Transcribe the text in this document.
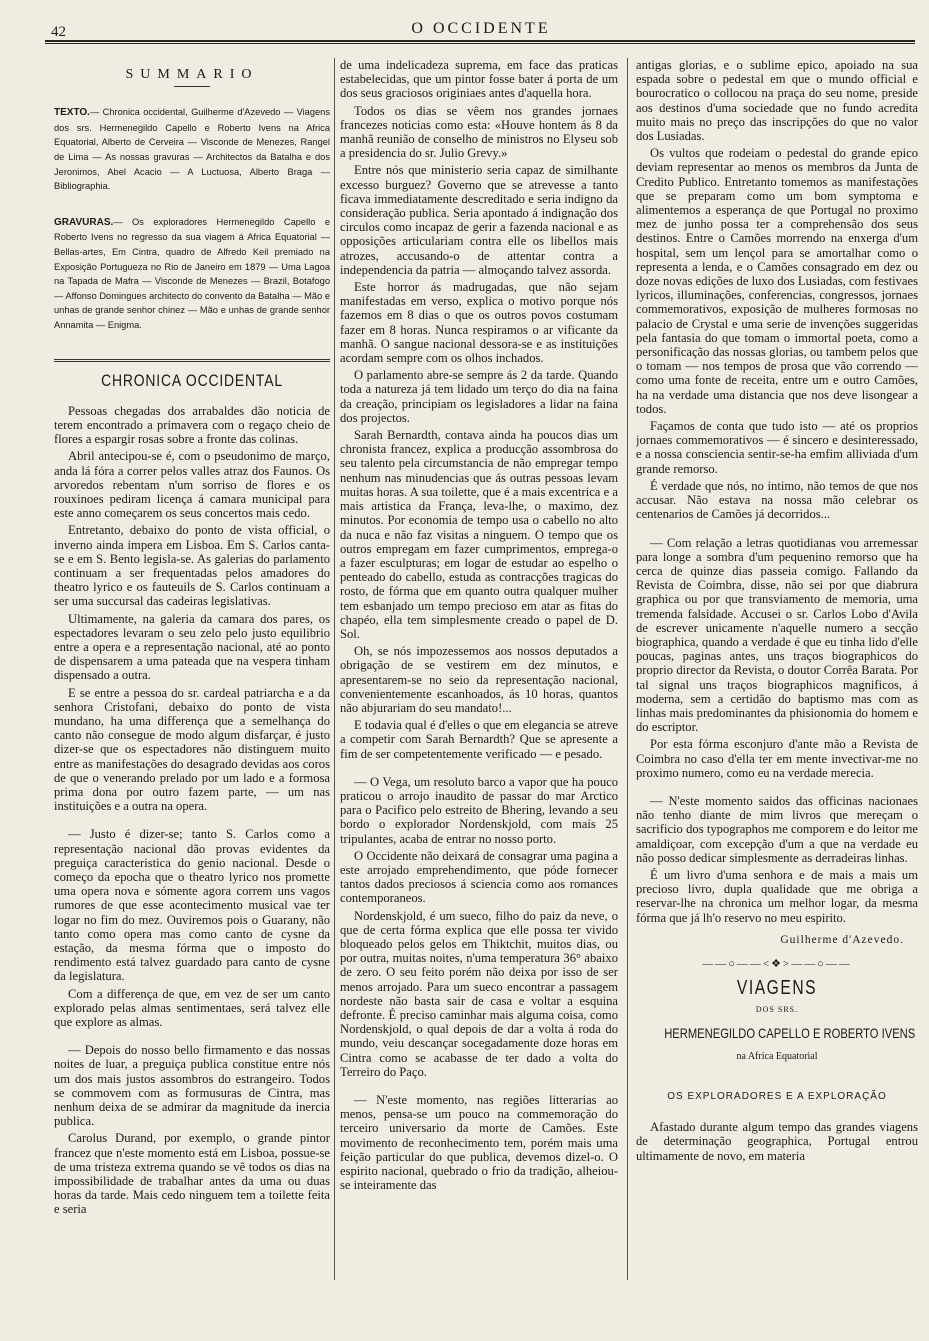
42	O OCCIDENTE

SUMMARIO

TEXTO.— Chronica occidental, Guilherme d'Azevedo — Viagens dos srs. Hermenegildo Capello e Roberto Ivens na Africa Equatorial, Alberto de Cerveira — Visconde de Menezes, Rangel de Lima — As nossas gravuras — Architectos da Batalha e dos Jeronimos, Abel Acacio — A Luctuosa, Alberto Braga — Bibliographia.

GRAVURAS.— Os exploradores Hermenegildo Capello e Roberto Ivens no regresso da sua viagem á Africa Equatorial — Bellas-artes, Em Cintra, quadro de Alfredo Keil premiado na Exposição Portugueza no Rio de Janeiro em 1879 — Uma Lagoa na Tapada de Mafra — Visconde de Menezes — Brazil, Botafogo — Affonso Domingues architecto do convento da Batalha — Mão e unhas de grande senhor chinez — Mão e unhas de grande senhor Annamita — Enigma.

CHRONICA OCCIDENTAL

Pessoas chegadas dos arrabaldes dão noticia de terem encontrado a primavera com o regaço cheio de flores a espargir rosas sobre a fronte das colinas.

Abril antecipou-se é, com o pseudonimo de março, anda lá fóra a correr pelos valles atraz dos Faunos. Os arvoredos rebentam n'um sorriso de flores e os rouxinoes pediram licença á camara municipal para este anno começarem os seus concertos mais cedo.

Entretanto, debaixo do ponto de vista official, o inverno ainda impera em Lisboa. Em S. Carlos canta-se e em S. Bento legisla-se. As galerias do parlamento continuam a ser frequentadas pelos amadores do theatro lyrico e os fauteuils de S. Carlos continuam a ser uma succursal das cadeiras legislativas.

Ultimamente, na galeria da camara dos pares, os espectadores levaram o seu zelo pelo justo equilibrio entre a opera e a representação nacional, até ao ponto de dispensarem a uma pateada que na vespera tinham dispensado a outra.

E se entre a pessoa do sr. cardeal patriarcha e a da senhora Cristofani, debaixo do ponto de vista mundano, ha uma differença que a semelhança do canto não consegue de modo algum disfarçar, é justo dizer-se que os espectadores não distinguem muito entre as manifestações do desagrado devidas aos coros de que o venerando prelado por um lado e a formosa prima dona por outro fazem parte, — um nas instituições e a outra na opera.

— Justo é dizer-se; tanto S. Carlos como a representação nacional dão provas evidentes da preguiça caracteristica do genio nacional. Desde o começo da epocha que o theatro lyrico nos promette uma opera nova e sómente agora correm uns vagos rumores de que esse acontecimento musical vae ter logar no fim do mez. Ouviremos pois o Guarany, não tanto como opera mas como canto de cysne da estação, da mesma fórma que o imposto do rendimento está talvez guardado para canto de cysne da legislatura.

Com a differença de que, em vez de ser um canto explorado pelas almas sentimentaes, será talvez elle que explore as almas.

— Depois do nosso bello firmamento e das nossas noites de luar, a preguiça publica constitue entre nós um dos mais justos assombros do estrangeiro. Todos se commovem com as formusuras de Cintra, mas nenhum deixa de se admirar da magnitude da inercia publica.

Carolus Durand, por exemplo, o grande pintor francez que n'este momento está em Lisboa, possue-se de uma tristeza extrema quando se vê todos os dias na impossibilidade de trabalhar antes da uma ou duas horas da tarde. Mais cedo ninguem tem a toilette feita e seria

de uma indelicadeza suprema, em face das praticas estabelecidas, que um pintor fosse bater á porta de um dos seus graciosos originiaes antes d'aquella hora.

Todos os dias se vêem nos grandes jornaes francezes noticias como esta: «Houve hontem ás 8 da manhã reunião de conselho de ministros no Elyseu sob a presidencia do sr. Julio Grevy.»

Entre nós que ministerio seria capaz de similhante excesso burguez? Governo que se atrevesse a tanto ficava immediatamente descreditado e seria indigno da consideração publica. Seria apontado á indignação dos circulos como incapaz de gerir a fazenda nacional e as opposições articulariam contra elle os libellos mais atrozes, accusando-o de attentar contra a independencia da patria — almoçando talvez assorda.

Este horror ás madrugadas, que não sejam manifestadas em verso, explica o motivo porque nós fazemos em 8 dias o que os outros povos costumam fazer em 8 horas. Nunca respiramos o ar vificante da manhã. O sangue nacional dessora-se e as instituições acordam sempre com os olhos inchados.

O parlamento abre-se sempre ás 2 da tarde. Quando toda a natureza já tem lidado um terço do dia na faina da creação, principiam os legisladores a lidar na faina dos projectos.

Sarah Bernardth, contava ainda ha poucos dias um chronista francez, explica a producção assombrosa do seu talento pela circumstancia de não empregar tempo nenhum nas minudencias que ás outras pessoas levam muitas horas. A sua toilette, que é a mais excentrica e a mais artistica da França, leva-lhe, o maximo, dez minutos. Por economia de tempo usa o cabello no alto da nuca e não faz visitas a ninguem. O tempo que os outros empregam em fazer cumprimentos, emprega-o a fazer esculpturas; em logar de estudar ao espelho o penteado do cabello, estuda as contracções tragicas do rosto, de fórma que em quanto outra qualquer mulher tem esbanjado um tempo precioso em atar as fitas do chapéo, ella tem simplesmente creado o papel de D. Sol.

Oh, se nós impozessemos aos nossos deputados a obrigação de se vestirem em dez minutos, e apresentarem-se no seio da representação nacional, convenientemente escanhoados, ás 10 horas, quantos não abjurariam do seu mandato!...

E todavia qual é d'elles o que em elegancia se atreve a competir com Sarah Bernardth? Que se apresente a fim de ser competentemente verificado — e pesado.

— O Vega, um resoluto barco a vapor que ha pouco praticou o arrojo inaudito de passar do mar Arctico para o Pacifico pelo estreito de Bhering, levando a seu bordo o explorador Nordenskjold, com mais 25 tripulantes, acaba de entrar no nosso porto.

O Occidente não deixará de consagrar uma pagina a este arrojado emprehendimento, que póde fornecer tantos dados preciosos á sciencia como aos romances contemporaneos.

Nordenskjold, é um sueco, filho do paiz da neve, o que de certa fórma explica que elle possa ter vivido bloqueado pelos gelos em Thiktchit, muitos dias, ou por outra, muitas noites, n'uma temperatura 36° abaixo de zero. O seu feito porém não deixa por isso de ser menos arrojado. Para um sueco encontrar a passagem nordeste não basta sair de casa e voltar a esquina defronte. É preciso caminhar mais alguma coisa, como Nordenskjold, o qual depois de dar a volta á roda do mundo, veiu descançar socegadamente doze horas em Cintra como se acabasse de ter dado a volta do Terreiro do Paço.

— N'este momento, nas regiões litterarias ao menos, pensa-se um pouco na commemoração do terceiro universario da morte de Camões. Este movimento de reconhecimento tem, porém mais uma feição particular do que publica, devemos dizel-o. O espirito nacional, quebrado o frio da tradição, alheiou-se inteiramente das

antigas glorias, e o sublime epico, apoiado na sua espada sobre o pedestal em que o mundo official e bourocratico o collocou na praça do seu nome, preside aos destinos d'uma sociedade que no fundo acredita muito mais no preço das inscripções do que no valor dos Lusiadas.

Os vultos que rodeiam o pedestal do grande epico deviam representar ao menos os membros da Junta de Credito Publico. Entretanto tomemos as manifestações que se preparam como um bom symptoma e alimentemos a esperança de que Portugal no proximo mez de junho possa ter a comprehensão dos seus destinos. Entre o Camões morrendo na enxerga d'um hospital, sem um lençol para se amortalhar como o representa a lenda, e o Camões consagrado em dez ou doze novas edições de luxo dos Lusiadas, com festivaes lyricos, illuminações, conferencias, congressos, jornaes commemorativos, exposição de mulheres formosas no palacio de Crystal e uma serie de invenções suggeridas pela fantasia do que tomam o immortal poeta, como a personificação das nossas glorias, ou tambem pelos que o tomam — nos tempos de prosa que vão correndo — como uma fonte de receita, entre um e outro Camões, ha na verdade uma distancia que nos deve lisongear a todos.

Façamos de conta que tudo isto — até os proprios jornaes commemorativos — é sincero e desinteressado, e a nossa consciencia sentir-se-ha emfim alliviada d'um grande remorso.

É verdade que nós, no intimo, não temos de que nos accusar. Não estava na nossa mão celebrar os centenarios de Camões já decorridos...

— Com relação a letras quotidianas vou arremessar para longe a sombra d'um pequenino remorso que ha cerca de quinze dias passeia comigo. Fallando da Revista de Coimbra, disse, não sei por que diabrura graphica ou por que transviamento de memoria, uma tremenda falsidade. Accusei o sr. Carlos Lobo d'Avila de escrever unicamente n'aquelle numero a secção biographica, quando a verdade é que eu tinha lido d'elle poucas, paginas antes, uns traços biographicos do proprio director da Revista, o doutor Corrêa Barata. Por tal signal uns traços biographicos magnificos, á moderna, sem a certidão do baptismo mas com as linhas mais predominantes da phisionomia do homem e do escriptor.

Por esta fórma esconjuro d'ante mão a Revista de Coimbra no caso d'ella ter em mente invectivar-me no proximo numero, como eu na verdade merecia.

— N'este momento saidos das officinas nacionaes não tenho diante de mim livros que mereçam o sacrificio dos typographos me comporem e do leitor me amaldiçoar, com excepção d'um a que na verdade eu não posso dedicar simplesmente as derradeiras linhas.

É um livro d'uma senhora e de mais a mais um precioso livro, dupla qualidade que me obriga a reservar-lhe na chronica um melhor logar, da mesma fórma que já lh'o reservo no meu espirito.

Guilherme d'Azevedo.

——○——<❖>——○——

VIAGENS

DOS SRS.

HERMENEGILDO CAPELLO E ROBERTO IVENS

na Africa Equatorial

OS EXPLORADORES E A EXPLORAÇÃO

Afastado durante algum tempo das grandes viagens de determinação geographica, Portugal entrou ultimamente de novo, em materia
